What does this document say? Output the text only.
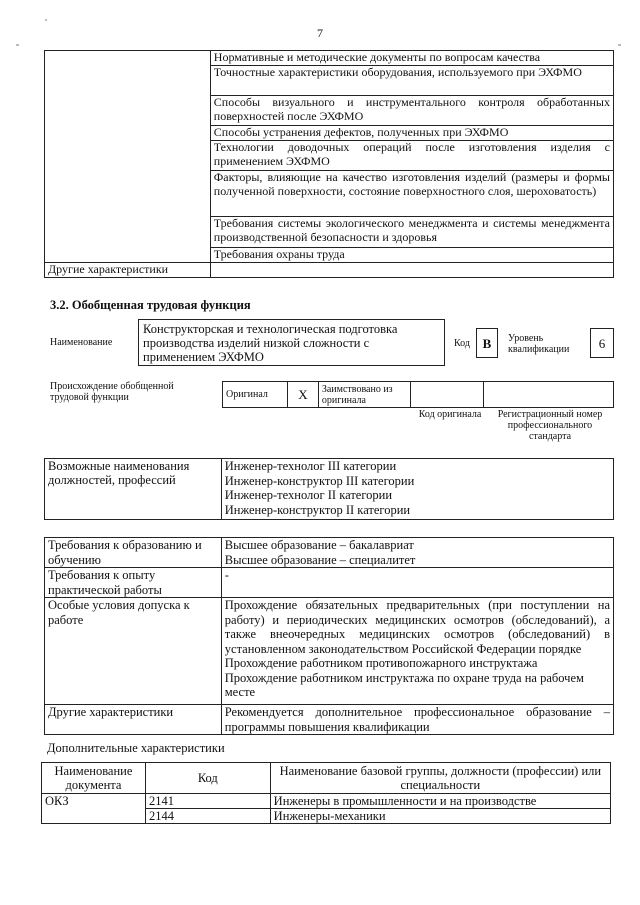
7
	Нормативные и методические документы по вопросам качества
	Точностные характеристики оборудования, используемого при ЭХФМО
	Способы визуального и инструментального контроля обработанных поверхностей после ЭХФМО
	Способы устранения дефектов, полученных при ЭХФМО
	Технологии доводочных операций после изготовления изделия с применением ЭХФМО
	Факторы, влияющие на качество изготовления изделий (размеры и формы полученной поверхности, состояние поверхностного слоя, шероховатость)
	Требования системы экологического менеджмента и системы менеджмента производственной безопасности и здоровья
	Требования охраны труда
Другие характеристики	
3.2. Обобщенная трудовая функция
Наименование
Конструкторская и технологическая подготовка производства изделий низкой сложности с применением ЭХФМО
Код В	Уровень квалификации	6
Происхождение обобщенной трудовой функции	Оригинал	Х	Заимствовано из оригинала		
Код оригинала	Регистрационный номер профессионального стандарта
Возможные наименования должностей, профессий	
Инженер-технолог III категории
Инженер-конструктор III категории
Инженер-технолог II категории
Инженер-конструктор II категории
Требования к образованию и обучению	Высшее образование – бакалавриат
Высшее образование – специалитет

Требования к опыту практической работы	-
Особые условия допуска к работе	Прохождение обязательных предварительных (при поступлении на работу) и периодических медицинских осмотров (обследований), а также внеочередных медицинских осмотров (обследований) в установленном законодательством Российской Федерации порядке
Прохождение работником противопожарного инструктажа
Прохождение работником инструктажа по охране труда на рабочем месте

Другие характеристики	Рекомендуется дополнительное профессиональное образование – программы повышения квалификации
Дополнительные характеристики
Наименование документа	Код	Наименование базовой группы, должности (профессии) или специальности
ОКЗ	2141	Инженеры в промышленности и на производстве
	2144	Инженеры-механики
